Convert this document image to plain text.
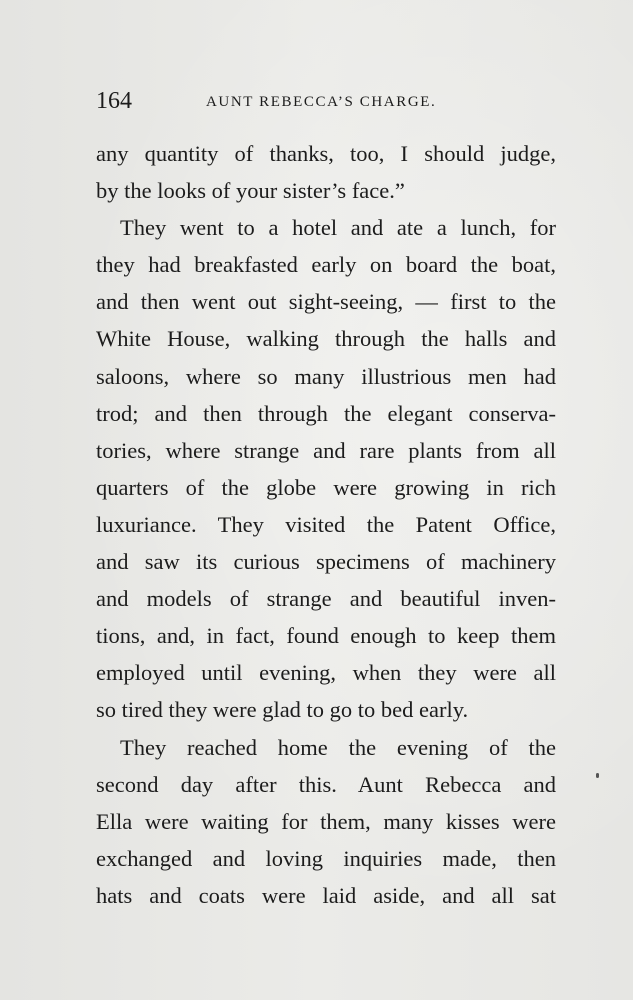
164	AUNT REBECCA’S CHARGE.
any quantity of thanks, too, I should judge,
by the looks of your sister’s face.”
They went to a hotel and ate a lunch, for
they had breakfasted early on board the boat,
and then went out sight-seeing, — first to the
White House, walking through the halls and
saloons, where so many illustrious men had
trod; and then through the elegant conserva-
tories, where strange and rare plants from all
quarters of the globe were growing in rich
luxuriance. They visited the Patent Office,
and saw its curious specimens of machinery
and models of strange and beautiful inven-
tions, and, in fact, found enough to keep them
employed until evening, when they were all
so tired they were glad to go to bed early.
They reached home the evening of the
second day after this. Aunt Rebecca and
Ella were waiting for them, many kisses were
exchanged and loving inquiries made, then
hats and coats were laid aside, and all sat
